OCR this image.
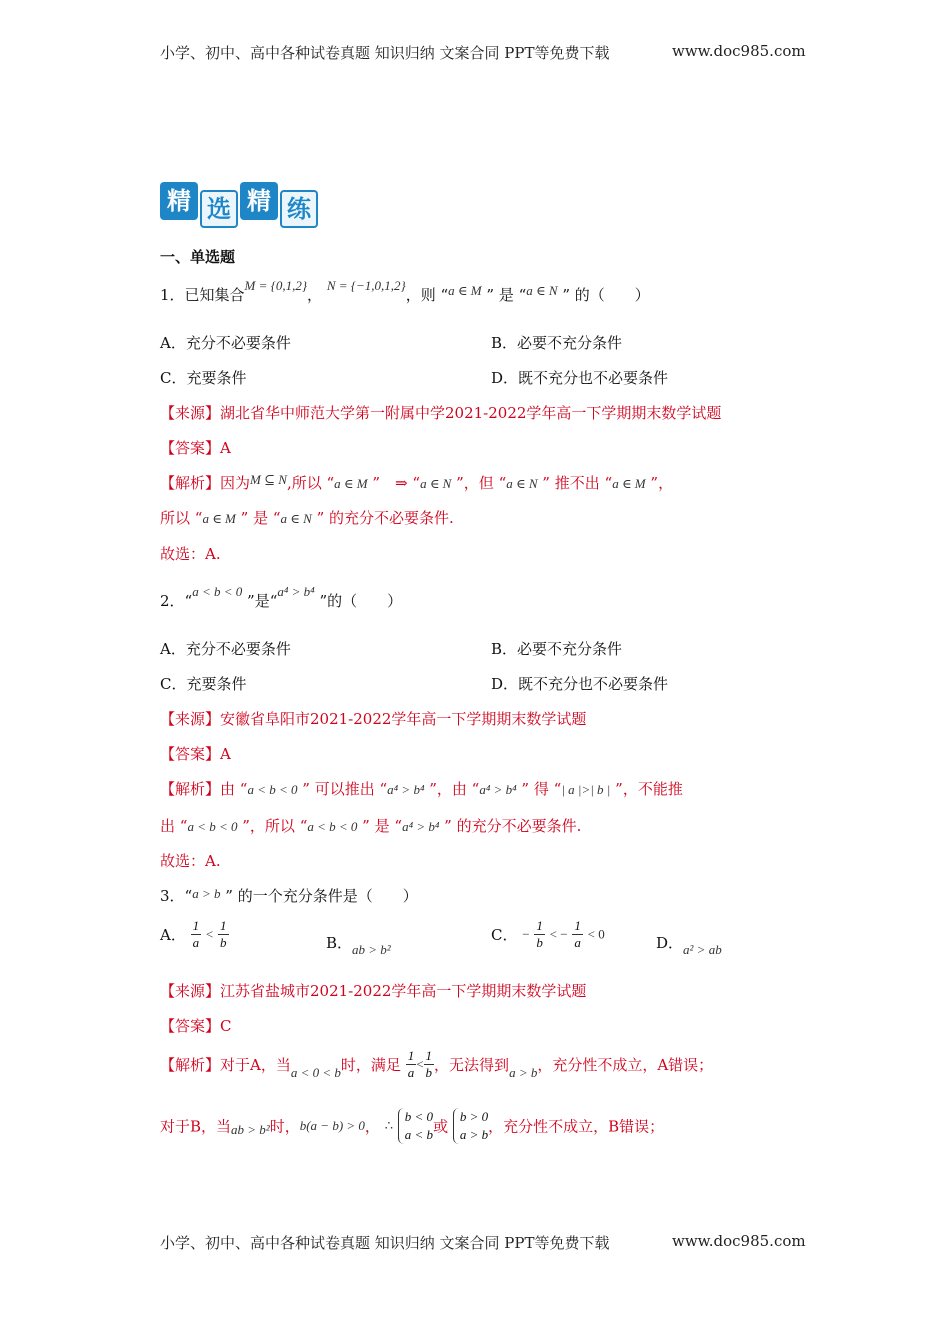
小学、初中、高中各种试卷真题 知识归纳 文案合同 PPT等免费下载	www.doc985.com
精 选 精 练
一、单选题
1．已知集合M = {0,1,2}， N = {−1,0,1,2}，则 “a ∈ M ” 是 “a ∈ N ” 的（　　）
A．充分不必要条件	B．必要不充分条件
C．充要条件	D．既不充分也不必要条件
【来源】湖北省华中师范大学第一附属中学2021-2022学年高一下学期期末数学试题
【答案】A
【解析】因为M ⊆ N,所以 “a ∈ M ”　⇒ “a ∈ N ”，但 “a ∈ N ” 推不出 “a ∈ M ”，
所以 “a ∈ M ” 是 “a ∈ N ” 的充分不必要条件.
故选：A.
2．“a < b < 0 ”是“a⁴ > b⁴ ”的（　　）
A．充分不必要条件	B．必要不充分条件
C．充要条件	D．既不充分也不必要条件
【来源】安徽省阜阳市2021-2022学年高一下学期期末数学试题
【答案】A
【解析】由 “a < b < 0 ” 可以推出 “a⁴ > b⁴ ”，由 “a⁴ > b⁴ ” 得 “| a |>| b | ”，不能推
出 “a < b < 0 ”，所以 “a < b < 0 ” 是 “a⁴ > b⁴ ” 的充分不必要条件.
故选：A.
3．“a > b ” 的一个充分条件是（　　）
A． $\frac{1}{a} < \frac{1}{b}$	B．ab > b²
C． − $\frac{1}{b}$ < − $\frac{1}{a} < 0$	D．a² > ab
【来源】江苏省盐城市2021-2022学年高一下学期期末数学试题
【答案】C
【解析】对于A，当a < 0 < b时，满足 $\frac{1}{a} < \frac{1}{b}$ ，无法得到a > b，充分性不成立，A错误；
对于B，当ab > b²时，b(a − b) > 0， ∴
b < 0
a < b 或
b > 0
a > b ，充分性不成立，B错误；
小学、初中、高中各种试卷真题 知识归纳 文案合同 PPT等免费下载	www.doc985.com
